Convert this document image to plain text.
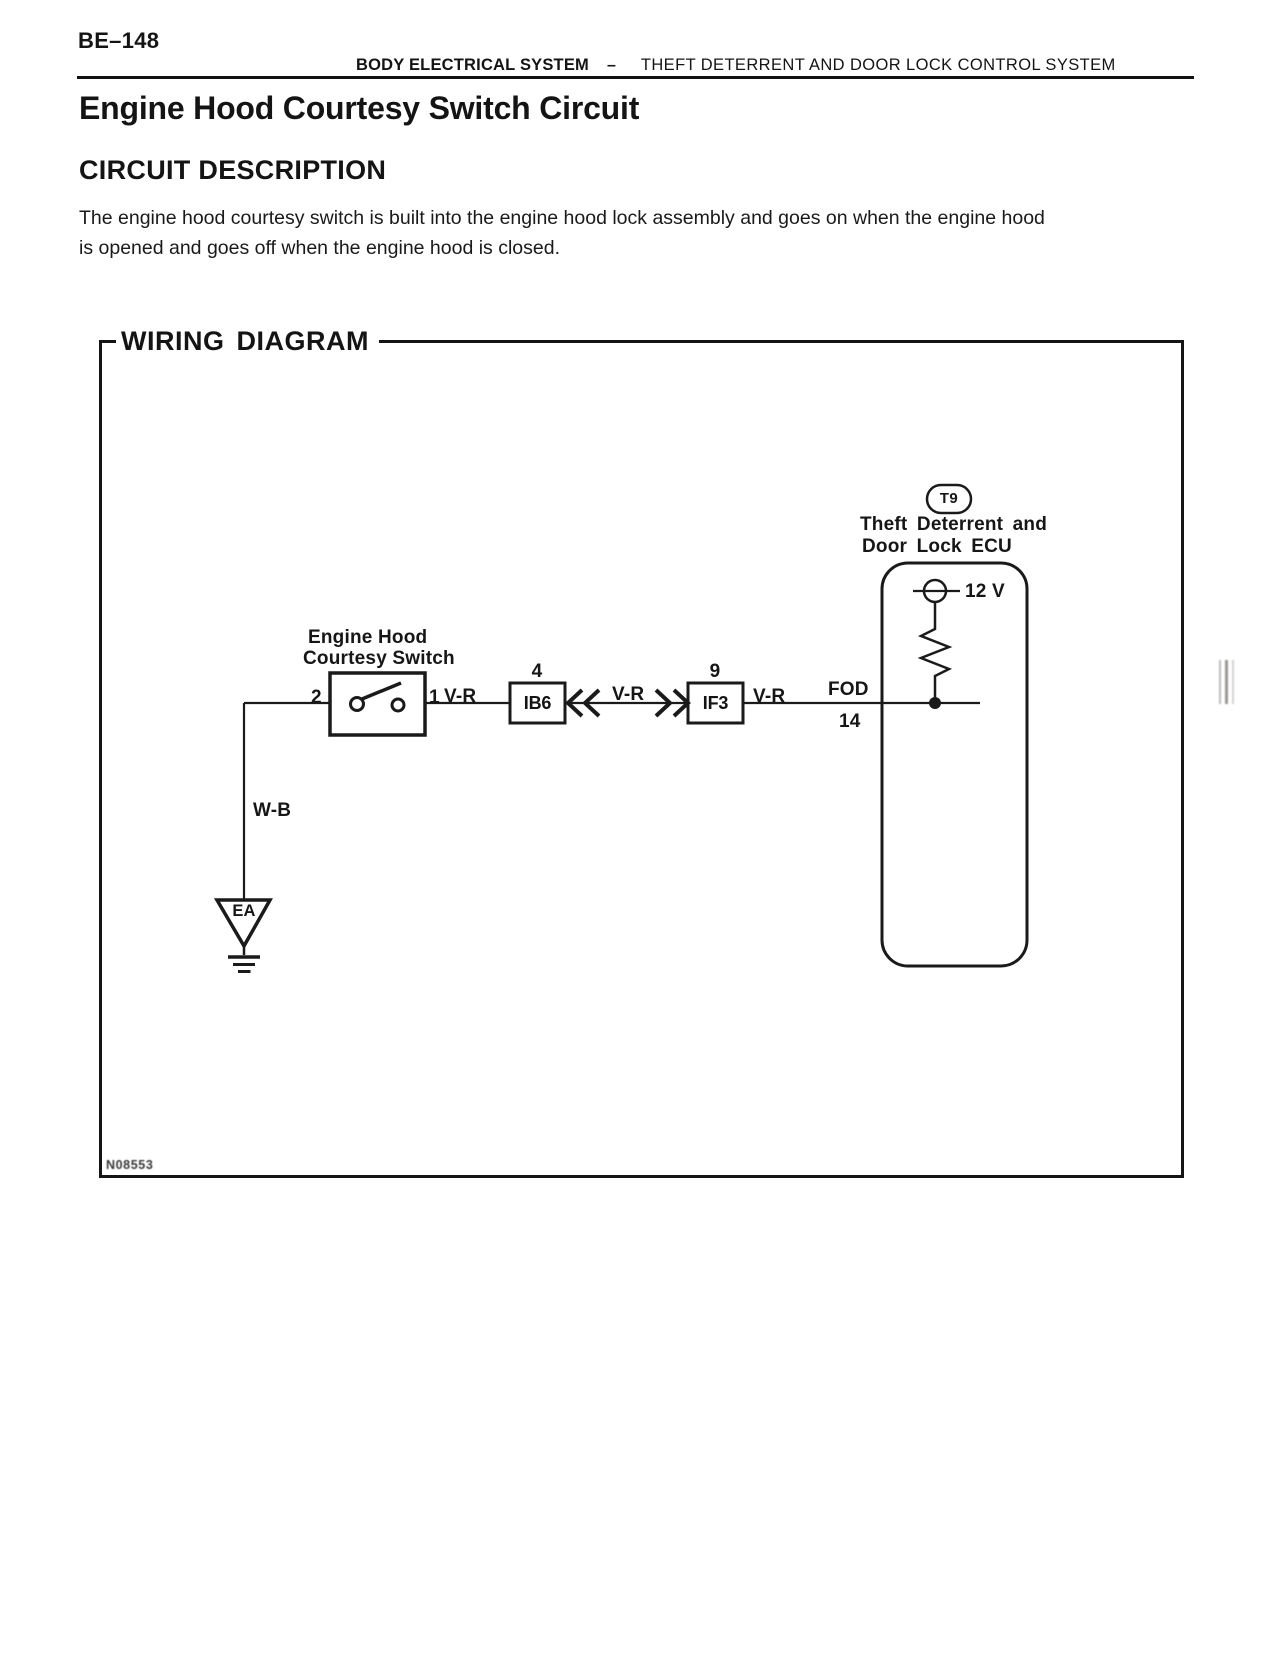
BE–148
BODY ELECTRICAL SYSTEM – THEFT DETERRENT AND DOOR LOCK CONTROL SYSTEM
Engine Hood Courtesy Switch Circuit
CIRCUIT DESCRIPTION
The engine hood courtesy switch is built into the engine hood lock assembly and goes on when the engine hood
is opened and goes off when the engine hood is closed.
WIRING DIAGRAM
Engine Hood
Courtesy Switch
2	1 V-R	V-R	V-R
W-B
4
IB6
9
IF3
FOD
14
T9
Theft Deterrent and
Door Lock ECU
12 V
EA
N08553
